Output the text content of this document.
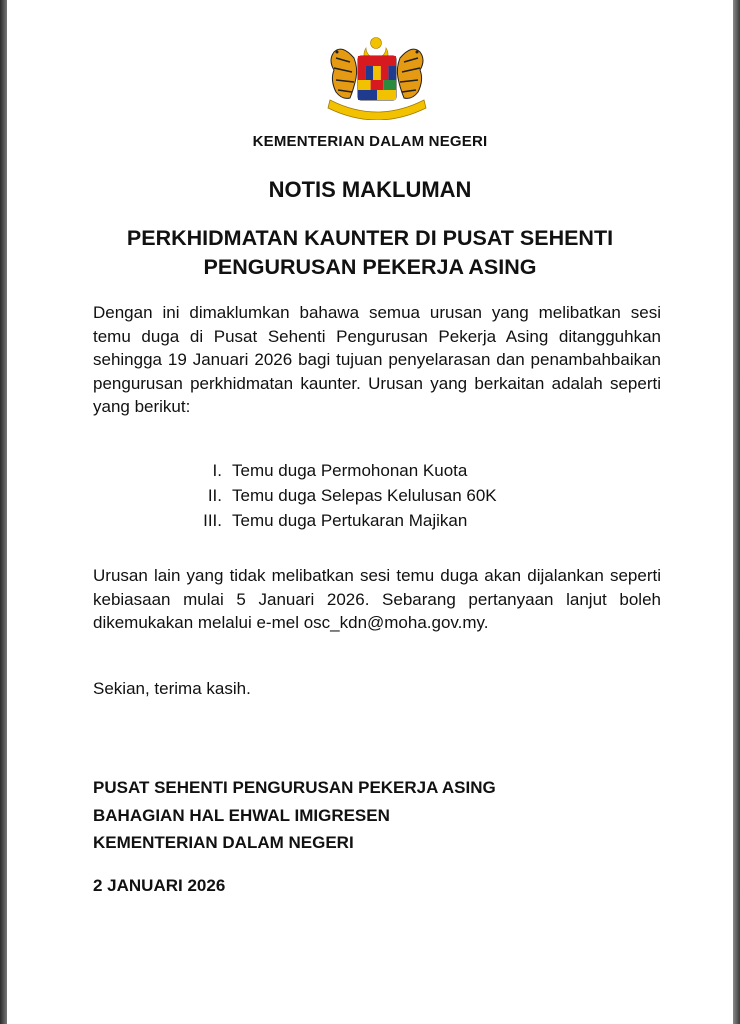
KEMENTERIAN DALAM NEGERI
NOTIS MAKLUMAN
PERKHIDMATAN KAUNTER DI PUSAT SEHENTI
PENGURUSAN PEKERJA ASING
Dengan ini dimaklumkan bahawa semua urusan yang melibatkan sesi temu duga di Pusat Sehenti Pengurusan Pekerja Asing ditangguhkan sehingga 19 Januari 2026 bagi tujuan penyelarasan dan penambahbaikan pengurusan perkhidmatan kaunter. Urusan yang berkaitan adalah seperti yang berikut:
I. Temu duga Permohonan Kuota
II. Temu duga Selepas Kelulusan 60K
III. Temu duga Pertukaran Majikan
Urusan lain yang tidak melibatkan sesi temu duga akan dijalankan seperti kebiasaan mulai 5 Januari 2026. Sebarang pertanyaan lanjut boleh dikemukakan melalui e-mel osc_kdn@moha.gov.my.
Sekian, terima kasih.
PUSAT SEHENTI PENGURUSAN PEKERJA ASING
BAHAGIAN HAL EHWAL IMIGRESEN
KEMENTERIAN DALAM NEGERI
2 JANUARI 2026
